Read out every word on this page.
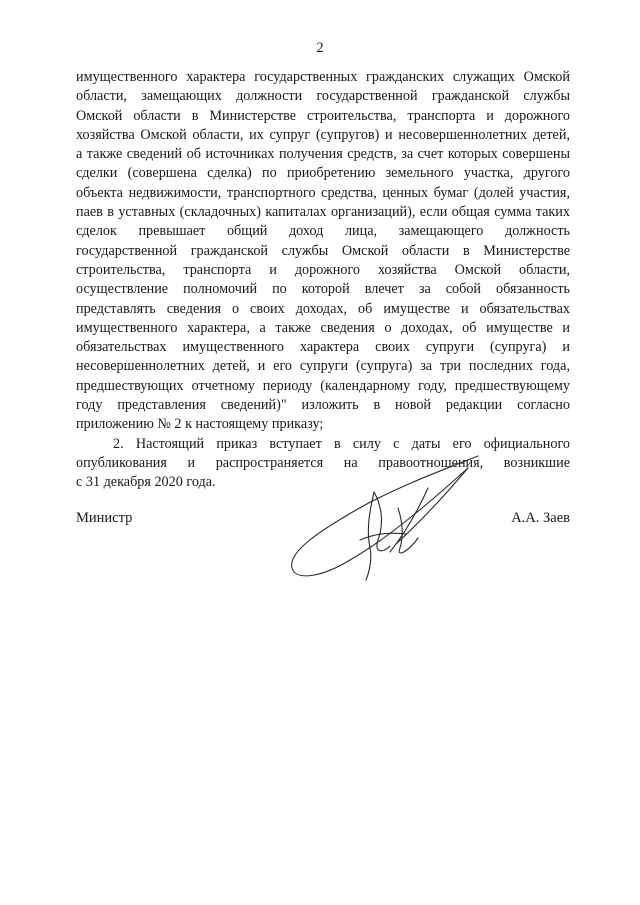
2
имущественного характера государственных гражданских служащих Омской
области, замещающих должности государственной гражданской службы
Омской области в Министерстве строительства, транспорта и дорожного
хозяйства Омской области, их супруг (супругов) и несовершеннолетних детей,
а также сведений об источниках получения средств, за счет которых совершены
сделки (совершена сделка) по приобретению земельного участка, другого
объекта недвижимости, транспортного средства, ценных бумаг (долей участия,
паев в уставных (складочных) капиталах организаций), если общая сумма таких
сделок превышает общий доход лица, замещающего должность
государственной гражданской службы Омской области в Министерстве
строительства, транспорта и дорожного хозяйства Омской области,
осуществление полномочий по которой влечет за собой обязанность
представлять сведения о своих доходах, об имуществе и обязательствах
имущественного характера, а также сведения о доходах, об имуществе и
обязательствах имущественного характера своих супруги (супруга) и
несовершеннолетних детей, и его супруги (супруга) за три последних года,
предшествующих отчетному периоду (календарному году, предшествующему
году представления сведений)" изложить в новой редакции согласно
приложению № 2 к настоящему приказу;
2. Настоящий приказ вступает в силу с даты его официального
опубликования и распространяется на правоотношения, возникшие
с 31 декабря 2020 года.
Министр	А.А. Заев
